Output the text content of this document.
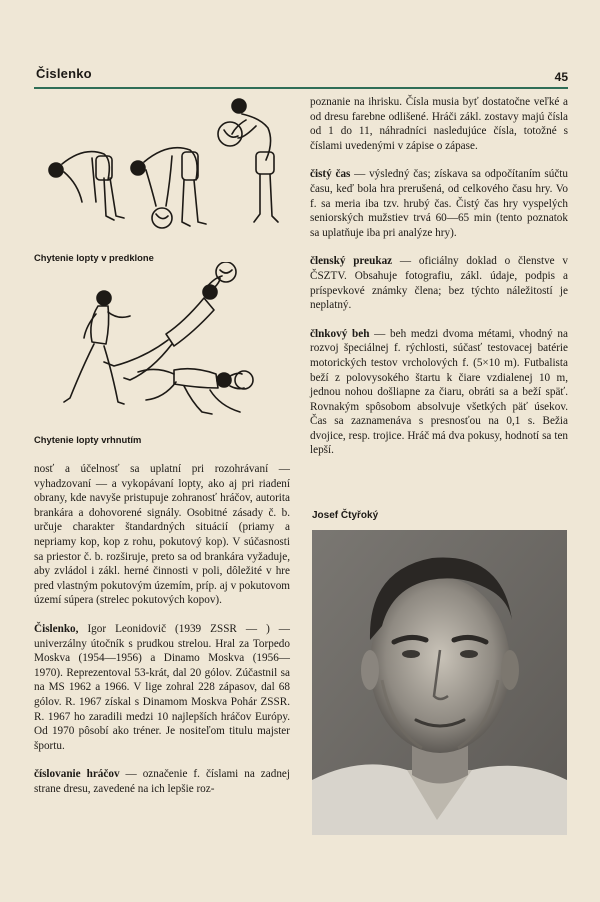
Čislenko	45
Chytenie lopty v predklone
Chytenie lopty vrhnutím

nosť a účelnosť sa uplatní pri rozohrávaní — vyhadzovaní — a vykopávaní lopty, ako aj pri riadení obrany, kde navyše pristupuje zohranosť hráčov, autorita brankára a dohovorené signály. Osobitné zásady č. b. určuje charakter štandardných situácií (priamy a nepriamy kop, kop z rohu, pokutový kop). V súčasnosti sa priestor č. b. rozširuje, preto sa od brankára vyžaduje, aby zvládol i zákl. herné činnosti v poli, dôležité v hre pred vlastným pokutovým územím, príp. aj v pokutovom území súpera (strelec pokutových kopov).

Čislenko, Igor Leonidovič (1939 ZSSR — ) — univerzálny útočník s prudkou strelou. Hral za Torpedo Moskva (1954—1956) a Dinamo Moskva (1956—1970). Reprezentoval 53-krát, dal 20 gólov. Zúčastnil sa na MS 1962 a 1966. V lige zohral 228 zápasov, dal 68 gólov. R. 1967 získal s Dinamom Moskva Pohár ZSSR. R. 1967 ho zaradili medzi 10 najlepších hráčov Európy. Od 1970 pôsobí ako tréner. Je nositeľom titulu majster športu.

číslovanie hráčov — označenie f. číslami na zadnej strane dresu, zavedené na ich lepšie roz-

poznanie na ihrisku. Čísla musia byť dostatočne veľké a od dresu farebne odlišené. Hráči zákl. zostavy majú čísla od 1 do 11, náhradníci nasledujúce čísla, totožné s číslami uvedenými v zápise o zápase.

čistý čas — výsledný čas; získava sa odpočítaním súčtu času, keď bola hra prerušená, od celkového času hry. Vo f. sa meria iba tzv. hrubý čas. Čistý čas hry vyspelých seniorských mužstiev trvá 60—65 min (tento poznatok sa uplatňuje iba pri analýze hry).

členský preukaz — oficiálny doklad o členstve v ČSZTV. Obsahuje fotografiu, zákl. údaje, podpis a príspevkové známky člena; bez týchto náležitostí je neplatný.

člnkový beh — beh medzi dvoma métami, vhodný na rozvoj špeciálnej f. rýchlosti, súčasť testovacej batérie motorických testov vrcholových f. (5×10 m). Futbalista beží z polovysokého štartu k čiare vzdialenej 10 m, jednou nohou došliapne za čiaru, obráti sa a beží späť. Rovnakým spôsobom absolvuje všetkých päť úsekov. Čas sa zaznamenáva s presnosťou na 0,1 s. Bežia dvojice, resp. trojice. Hráč má dva pokusy, hodnotí sa ten lepší.

Josef Čtyřoký
